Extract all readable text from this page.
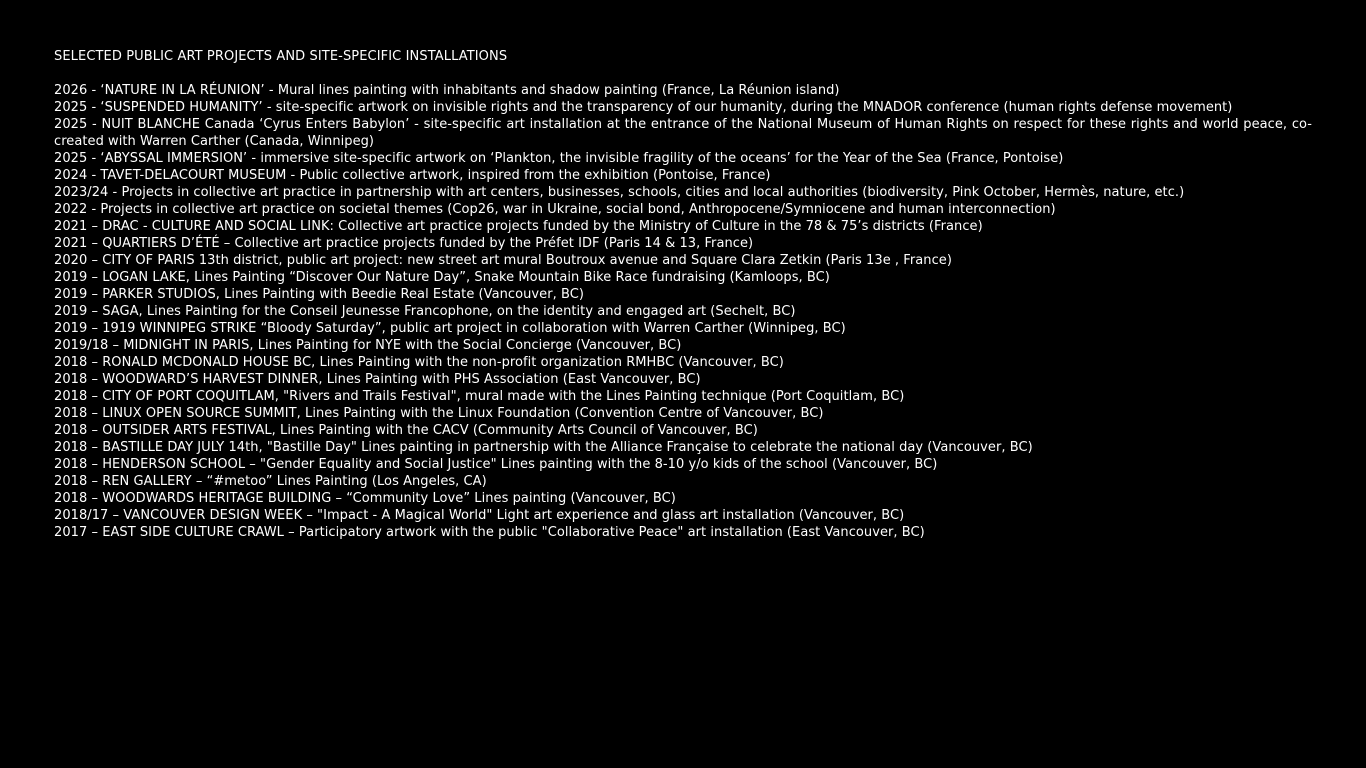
SELECTED PUBLIC ART PROJECTS AND SITE-SPECIFIC INSTALLATIONS
2026 - ‘NATURE IN LA RÉUNION’ - Mural lines painting with inhabitants and shadow painting (France, La Réunion island)
2025 - ‘SUSPENDED HUMANITY’ - site-specific artwork on invisible rights and the transparency of our humanity, during the MNADOR conference (human rights defense movement)
2025 - NUIT BLANCHE Canada ‘Cyrus Enters Babylon’ - site-specific art installation at the entrance of the National Museum of Human Rights on respect for these rights and world peace, co-created with Warren Carther (Canada, Winnipeg)
2025 - ‘ABYSSAL IMMERSION’ - immersive site-specific artwork on ‘Plankton, the invisible fragility of the oceans’ for the Year of the Sea (France, Pontoise)
2024 - TAVET-DELACOURT MUSEUM - Public collective artwork, inspired from the exhibition (Pontoise, France)
2023/24 - Projects in collective art practice in partnership with art centers, businesses, schools, cities and local authorities (biodiversity, Pink October, Hermès, nature, etc.)
2022 - Projects in collective art practice on societal themes (Cop26, war in Ukraine, social bond, Anthropocene/Symniocene and human interconnection)
2021 – DRAC - CULTURE AND SOCIAL LINK: Collective art practice projects funded by the Ministry of Culture in the 78 & 75’s districts (France)
2021 – QUARTIERS D’ÉTÉ – Collective art practice projects funded by the Préfet IDF (Paris 14 & 13, France)
2020 – CITY OF PARIS 13th district, public art project: new street art mural Boutroux avenue and Square Clara Zetkin (Paris 13e , France)
2019 – LOGAN LAKE, Lines Painting “Discover Our Nature Day”, Snake Mountain Bike Race fundraising (Kamloops, BC)
2019 – PARKER STUDIOS, Lines Painting with Beedie Real Estate (Vancouver, BC)
2019 – SAGA, Lines Painting for the Conseil Jeunesse Francophone, on the identity and engaged art (Sechelt, BC)
2019 – 1919 WINNIPEG STRIKE “Bloody Saturday”, public art project in collaboration with Warren Carther (Winnipeg, BC)
2019/18 – MIDNIGHT IN PARIS, Lines Painting for NYE with the Social Concierge (Vancouver, BC)
2018 – RONALD MCDONALD HOUSE BC, Lines Painting with the non-profit organization RMHBC (Vancouver, BC)
2018 – WOODWARD’S HARVEST DINNER, Lines Painting with PHS Association (East Vancouver, BC)
2018 – CITY OF PORT COQUITLAM, "Rivers and Trails Festival", mural made with the Lines Painting technique (Port Coquitlam, BC)
2018 – LINUX OPEN SOURCE SUMMIT, Lines Painting with the Linux Foundation (Convention Centre of Vancouver, BC)
2018 – OUTSIDER ARTS FESTIVAL, Lines Painting with the CACV (Community Arts Council of Vancouver, BC)
2018 – BASTILLE DAY JULY 14th, "Bastille Day" Lines painting in partnership with the Alliance Française to celebrate the national day (Vancouver, BC)
2018 – HENDERSON SCHOOL – "Gender Equality and Social Justice" Lines painting with the 8-10 y/o kids of the school (Vancouver, BC)
2018 – REN GALLERY – “#metoo” Lines Painting (Los Angeles, CA)
2018 – WOODWARDS HERITAGE BUILDING – “Community Love” Lines painting (Vancouver, BC)
2018/17 – VANCOUVER DESIGN WEEK – "Impact - A Magical World" Light art experience and glass art installation (Vancouver, BC)
2017 – EAST SIDE CULTURE CRAWL – Participatory artwork with the public "Collaborative Peace" art installation (East Vancouver, BC)
